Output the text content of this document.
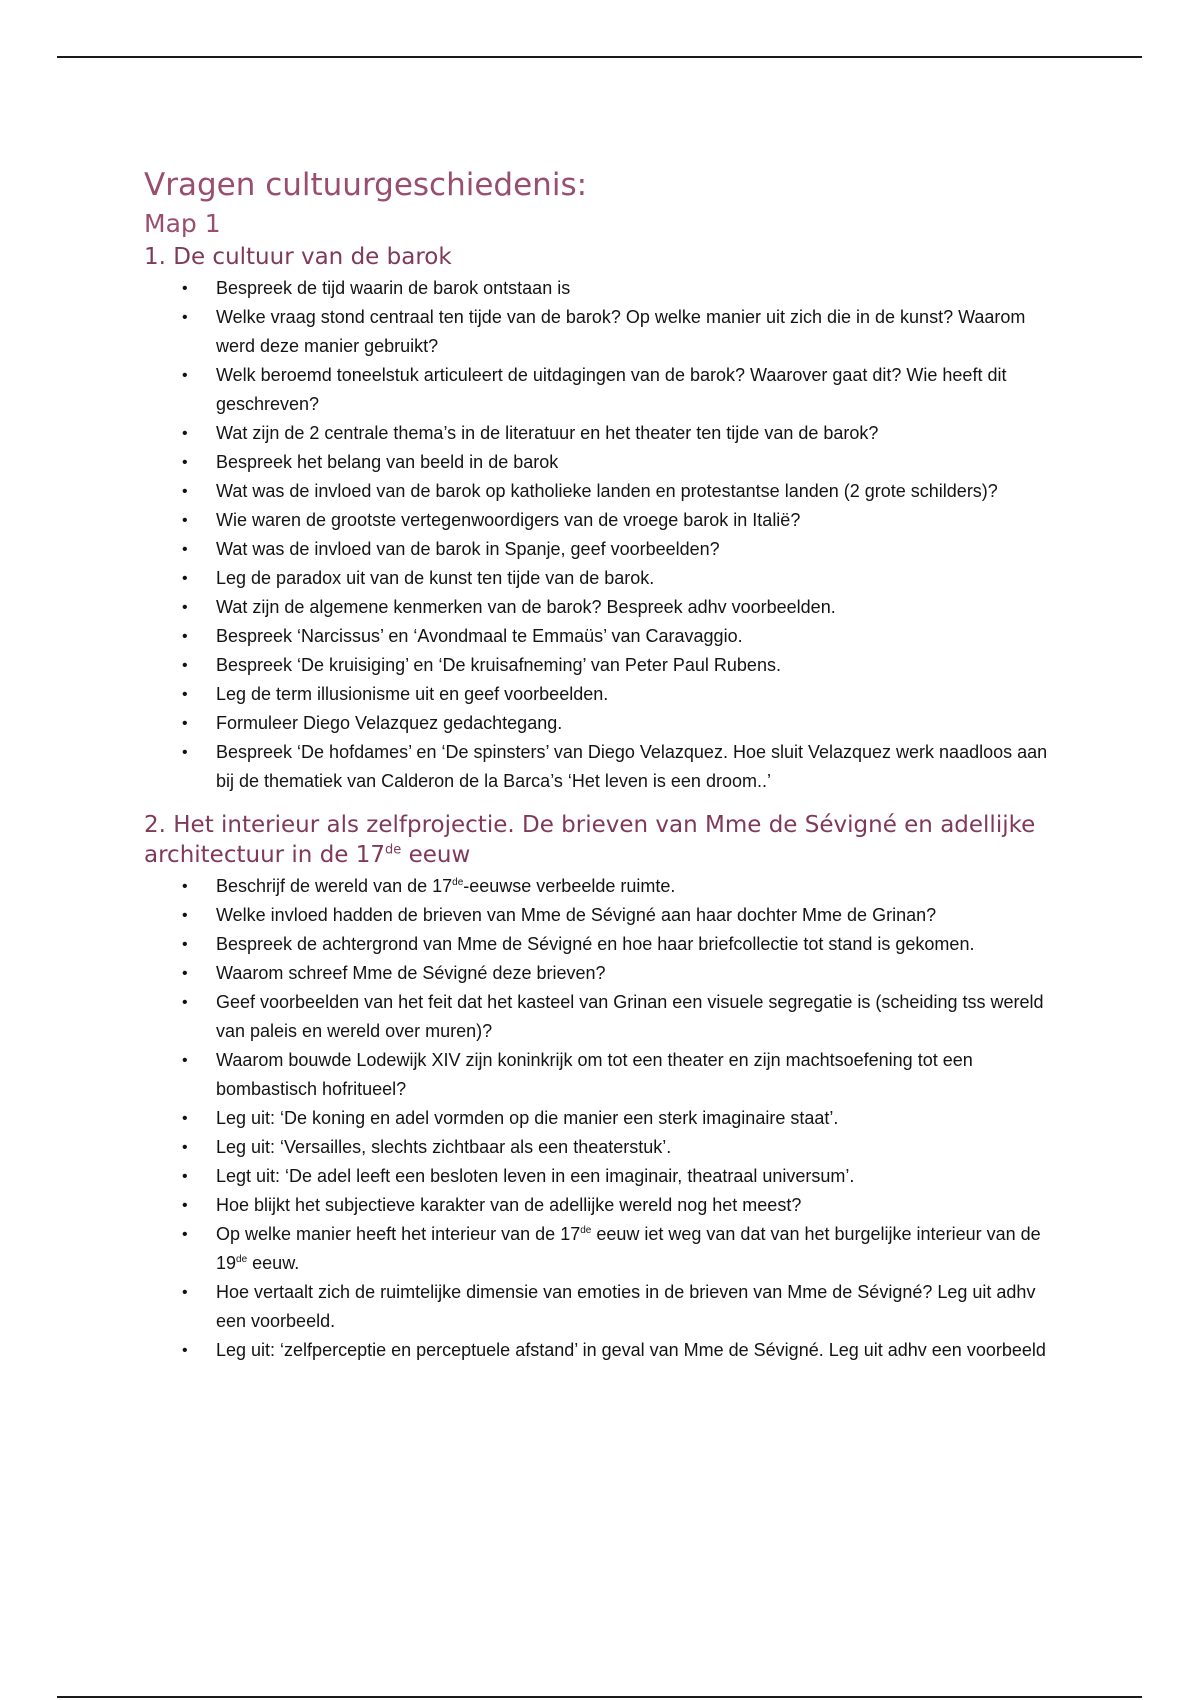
Vragen cultuurgeschiedenis:
Map 1
1. De cultuur van de barok
• Bespreek de tijd waarin de barok ontstaan is
• Welke vraag stond centraal ten tijde van de barok? Op welke manier uit zich die in de kunst? Waarom werd deze manier gebruikt?
• Welk beroemd toneelstuk articuleert de uitdagingen van de barok? Waarover gaat dit? Wie heeft dit geschreven?
• Wat zijn de 2 centrale thema’s in de literatuur en het theater ten tijde van de barok?
• Bespreek het belang van beeld in de barok
• Wat was de invloed van de barok op katholieke landen en protestantse landen (2 grote schilders)?
• Wie waren de grootste vertegenwoordigers van de vroege barok in Italië?
• Wat was de invloed van de barok in Spanje, geef voorbeelden?
• Leg de paradox uit van de kunst ten tijde van de barok.
• Wat zijn de algemene kenmerken van de barok? Bespreek adhv voorbeelden.
• Bespreek ‘Narcissus’ en ‘Avondmaal te Emmaüs’ van Caravaggio.
• Bespreek ‘De kruisiging’ en ‘De kruisafneming’ van Peter Paul Rubens.
• Leg de term illusionisme uit en geef voorbeelden.
• Formuleer Diego Velazquez gedachtegang.
• Bespreek ‘De hofdames’ en ‘De spinsters’ van Diego Velazquez. Hoe sluit Velazquez werk naadloos aan bij de thematiek van Calderon de la Barca’s ‘Het leven is een droom..’
2. Het interieur als zelfprojectie. De brieven van Mme de Sévigné en adellijke architectuur in de 17de eeuw
• Beschrijf de wereld van de 17de-eeuwse verbeelde ruimte.
• Welke invloed hadden de brieven van Mme de Sévigné aan haar dochter Mme de Grinan?
• Bespreek de achtergrond van Mme de Sévigné en hoe haar briefcollectie tot stand is gekomen.
• Waarom schreef Mme de Sévigné deze brieven?
• Geef voorbeelden van het feit dat het kasteel van Grinan een visuele segregatie is (scheiding tss wereld van paleis en wereld over muren)?
• Waarom bouwde Lodewijk XIV zijn koninkrijk om tot een theater en zijn machtsoefening tot een bombastisch hofritueel?
• Leg uit: ‘De koning en adel vormden op die manier een sterk imaginaire staat’.
• Leg uit: ‘Versailles, slechts zichtbaar als een theaterstuk’.
• Legt uit: ‘De adel leeft een besloten leven in een imaginair, theatraal universum’.
• Hoe blijkt het subjectieve karakter van de adellijke wereld nog het meest?
• Op welke manier heeft het interieur van de 17de eeuw iet weg van dat van het burgelijke interieur van de 19de eeuw.
• Hoe vertaalt zich de ruimtelijke dimensie van emoties in de brieven van Mme de Sévigné? Leg uit adhv een voorbeeld.
• Leg uit: ‘zelfperceptie en perceptuele afstand’ in geval van Mme de Sévigné. Leg uit adhv een voorbeeld
